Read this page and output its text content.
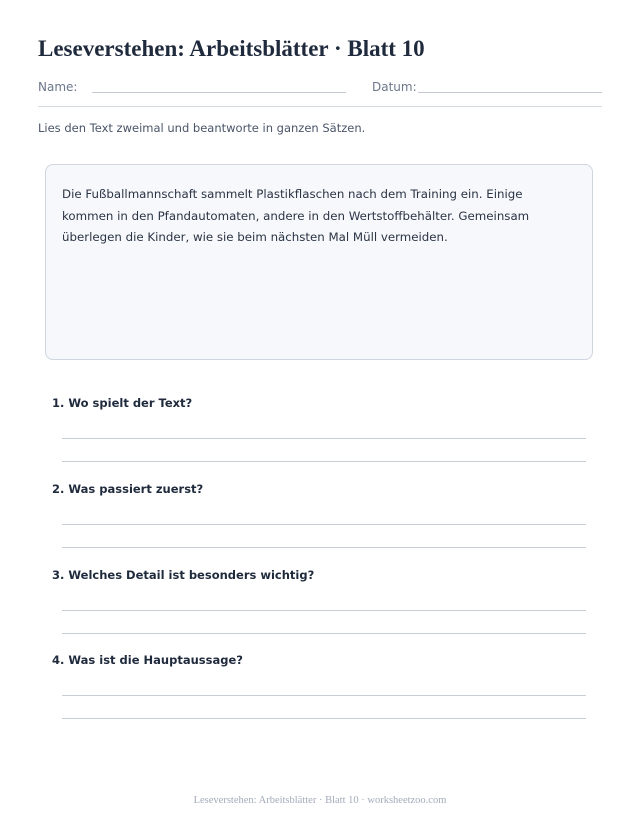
Leseverstehen: Arbeitsblätter · Blatt 10
Name:	Datum:
Lies den Text zweimal und beantworte in ganzen Sätzen.

Die Fußballmannschaft sammelt Plastikflaschen nach dem Training ein. Einige kommen in den Pfandautomaten, andere in den Wertstoffbehälter. Gemeinsam überlegen die Kinder, wie sie beim nächsten Mal Müll vermeiden.

1. Wo spielt der Text?
2. Was passiert zuerst?
3. Welches Detail ist besonders wichtig?
4. Was ist die Hauptaussage?
Leseverstehen: Arbeitsblätter · Blatt 10 · worksheetzoo.com
